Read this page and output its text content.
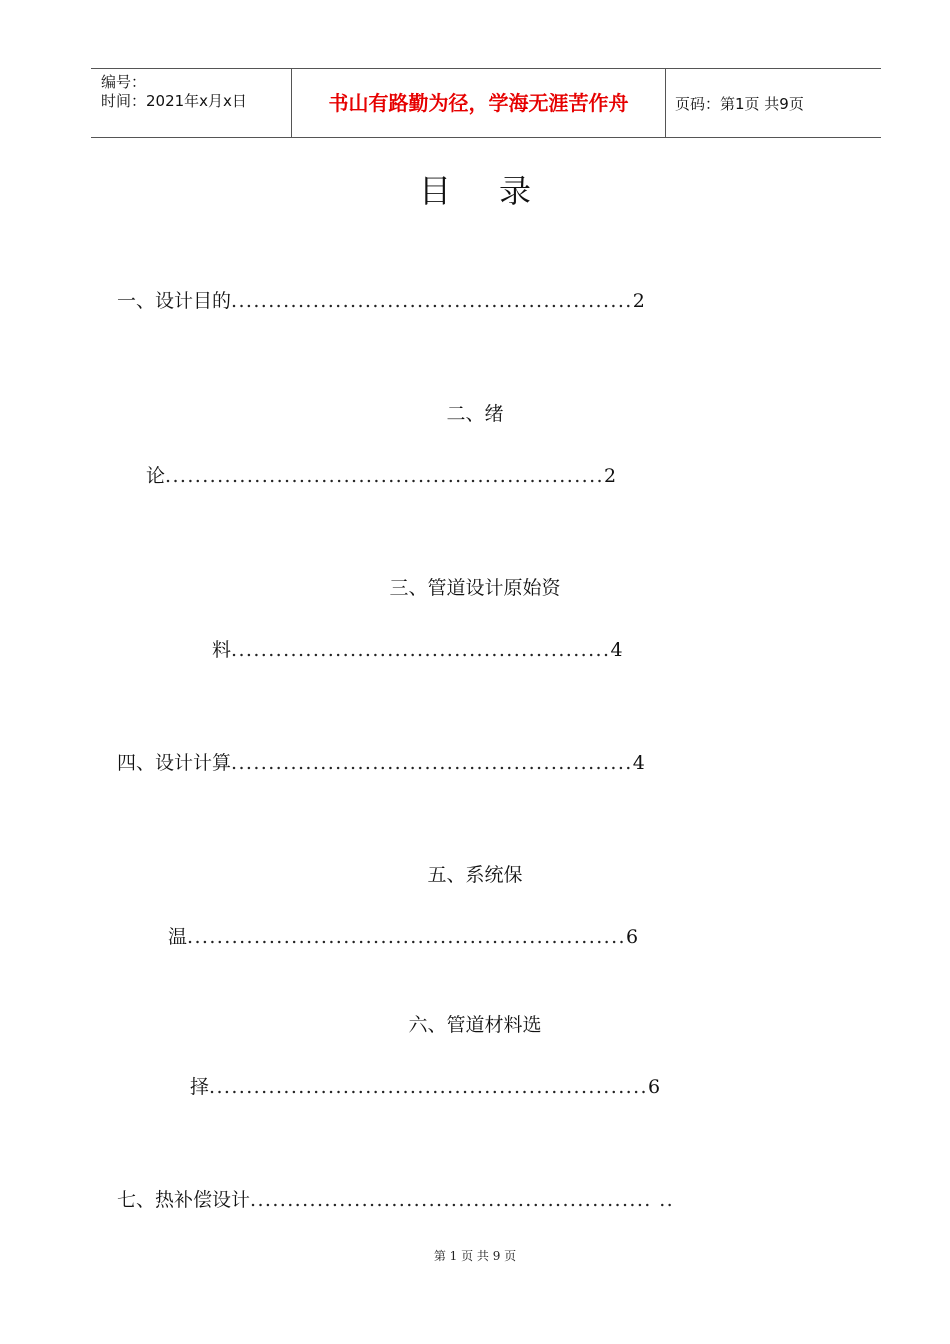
编号：
时间：2021年x月x日	书山有路勤为径，学海无涯苦作舟	页码：第1页 共9页
目录
一、设计目的......................................................2
二、绪
论...........................................................2
三、管道设计原始资
料...................................................4
四、设计计算......................................................4
五、系统保
温...........................................................6
六、管道材料选
择...........................................................6
七、热补偿设计...................................................... ..
第 1 页 共 9 页
